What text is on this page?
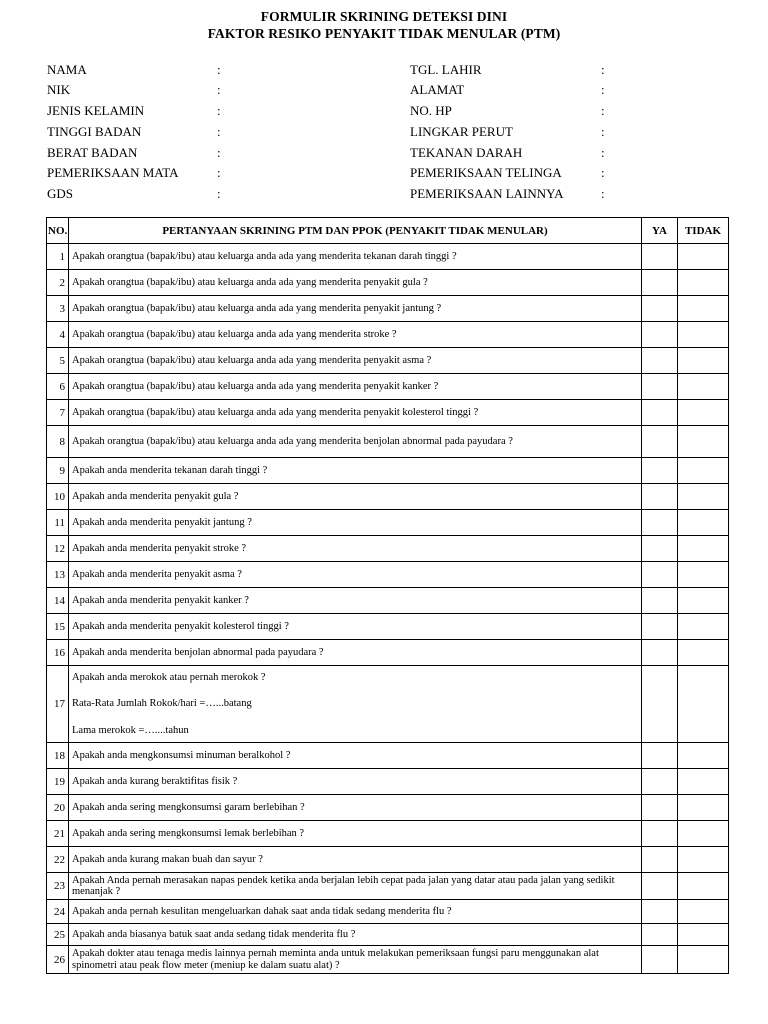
FORMULIR SKRINING DETEKSI DINI
FAKTOR RESIKO PENYAKIT TIDAK MENULAR (PTM)
NAMA	:
NIK	:
JENIS KELAMIN	:
TINGGI BADAN	:
BERAT BADAN	:
PEMERIKSAAN MATA	:
GDS	:
TGL. LAHIR	:
ALAMAT	:
NO. HP	:
LINGKAR PERUT	:
TEKANAN DARAH	:
PEMERIKSAAN TELINGA	:
PEMERIKSAAN LAINNYA	:
NO.	PERTANYAAN SKRINING PTM DAN PPOK (PENYAKIT TIDAK MENULAR)	YA	TIDAK
1	Apakah orangtua (bapak/ibu) atau keluarga anda ada yang menderita tekanan darah tinggi ?		
2	Apakah orangtua (bapak/ibu) atau keluarga anda ada yang menderita penyakit gula ?		
3	Apakah orangtua (bapak/ibu) atau keluarga anda ada yang menderita penyakit jantung ?		
4	Apakah orangtua (bapak/ibu) atau keluarga anda ada yang menderita stroke ?		
5	Apakah orangtua (bapak/ibu) atau keluarga anda ada yang menderita penyakit asma ?		
6	Apakah orangtua (bapak/ibu) atau keluarga anda ada yang menderita penyakit kanker ?		
7	Apakah orangtua (bapak/ibu) atau keluarga anda ada yang menderita penyakit kolesterol tinggi ?		
8	Apakah orangtua (bapak/ibu) atau keluarga anda ada yang menderita benjolan abnormal pada payudara ?		
9	Apakah anda menderita tekanan darah tinggi ?		
10	Apakah anda menderita penyakit gula ?		
11	Apakah anda menderita penyakit jantung ?		
12	Apakah anda menderita penyakit stroke ?		
13	Apakah anda menderita penyakit asma ?		
14	Apakah anda menderita penyakit kanker ?		
15	Apakah anda menderita penyakit kolesterol tinggi ?		
16	Apakah anda menderita benjolan abnormal pada payudara ?		
17	Apakah anda merokok atau pernah merokok ?
Rata-Rata Jumlah Rokok/hari =…...batang
Lama merokok =…....tahun		

18	Apakah anda mengkonsumsi minuman beralkohol ?		
19	Apakah anda kurang beraktifitas fisik ?		
20	Apakah anda sering mengkonsumsi garam berlebihan ?		
21	Apakah anda sering mengkonsumsi lemak berlebihan ?		
22	Apakah anda kurang makan buah dan sayur ?		
23	Apakah Anda pernah merasakan napas pendek ketika anda berjalan lebih cepat pada jalan yang datar atau pada jalan yang sedikit menanjak ?		
24	Apakah anda pernah kesulitan mengeluarkan dahak saat anda tidak sedang menderita flu ?		
25	Apakah anda biasanya batuk saat anda sedang tidak menderita flu ?		
26	Apakah dokter atau tenaga medis lainnya pernah meminta anda untuk melakukan pemeriksaan fungsi paru menggunakan alat spinometri atau peak flow meter (meniup ke dalam suatu alat) ?		
